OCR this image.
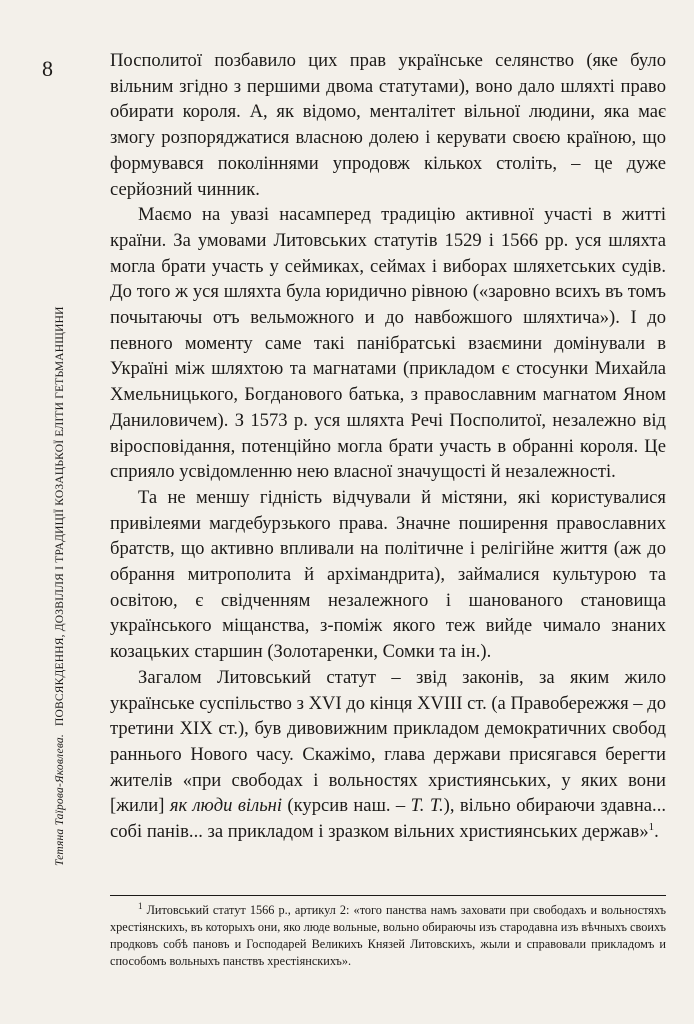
8
Тетяна Таїрова-Яковлева.
ПОВСЯКДЕННЯ, ДОЗВІЛЛЯ І ТРАДИЦІЇ КОЗАЦЬКОЇ ЕЛІТИ ГЕТЬМАНЩИНИ

Посполитої позбавило цих прав українське селянство (яке було вільним згідно з першими двома статутами), воно дало шляхті право обирати короля. А, як відомо, менталітет вільної людини, яка має змогу розпоряджатися власною долею і керувати своєю країною, що формувався поколіннями упродовж кількох століть, – це дуже серйозний чинник.

Маємо на увазі насамперед традицію активної участі в житті країни. За умовами Литовських статутів 1529 і 1566 рр. уся шляхта могла брати участь у сеймиках, сеймах і виборах шляхетських судів. До того ж уся шляхта була юридично рівною («заровно всихъ въ томъ почытаючы отъ вельможного и до навбожшого шляхтича»). І до певного моменту саме такі панібратські взаємини домінували в Україні між шляхтою та магнатами (прикладом є стосунки Михайла Хмельницького, Богданового батька, з православним магнатом Яном Даниловичем). З 1573 р. уся шляхта Речі Посполитої, незалежно від віросповідання, потенційно могла брати участь в обранні короля. Це сприяло усвідомленню нею власної значущості й незалежності.

Та не меншу гідність відчували й містяни, які користувалися привілеями магдебурзького права. Значне поширення православних братств, що активно впливали на політичне і релігійне життя (аж до обрання митрополита й архімандрита), займалися культурою та освітою, є свідченням незалежного і шанованого становища українського міщанства, з-поміж якого теж вийде чимало знаних козацьких старшин (Золотаренки, Сомки та ін.).

Загалом Литовський статут – звід законів, за яким жило українське суспільство з XVI до кінця XVIII ст. (а Правобережжя – до третини XIX ст.), був дивовижним прикладом демократичних свобод раннього Нового часу. Скажімо, глава держави присягався берегти жителів «при свободах і вольностях християнських, у яких вони [жили] як люди вільні (курсив наш. – Т. Т.), вільно обираючи здавна... собі панів... за прикладом і зразком вільних християнських держав»$^1$.

$^1$ Литовський статут 1566 р., артикул 2: «того панства намъ заховати при свободахъ и вольностяхъ хрестіянскихъ, въ которыхъ они, яко люде вольные, вольно обираючы изъ стародавна изъ вѣчныхъ своихъ продковъ собѣ пановъ и Господарей Великихъ Князей Литовскихъ, жыли и справовали прикладомъ и способомъ вольныхъ панствъ хрестіянскихъ».
